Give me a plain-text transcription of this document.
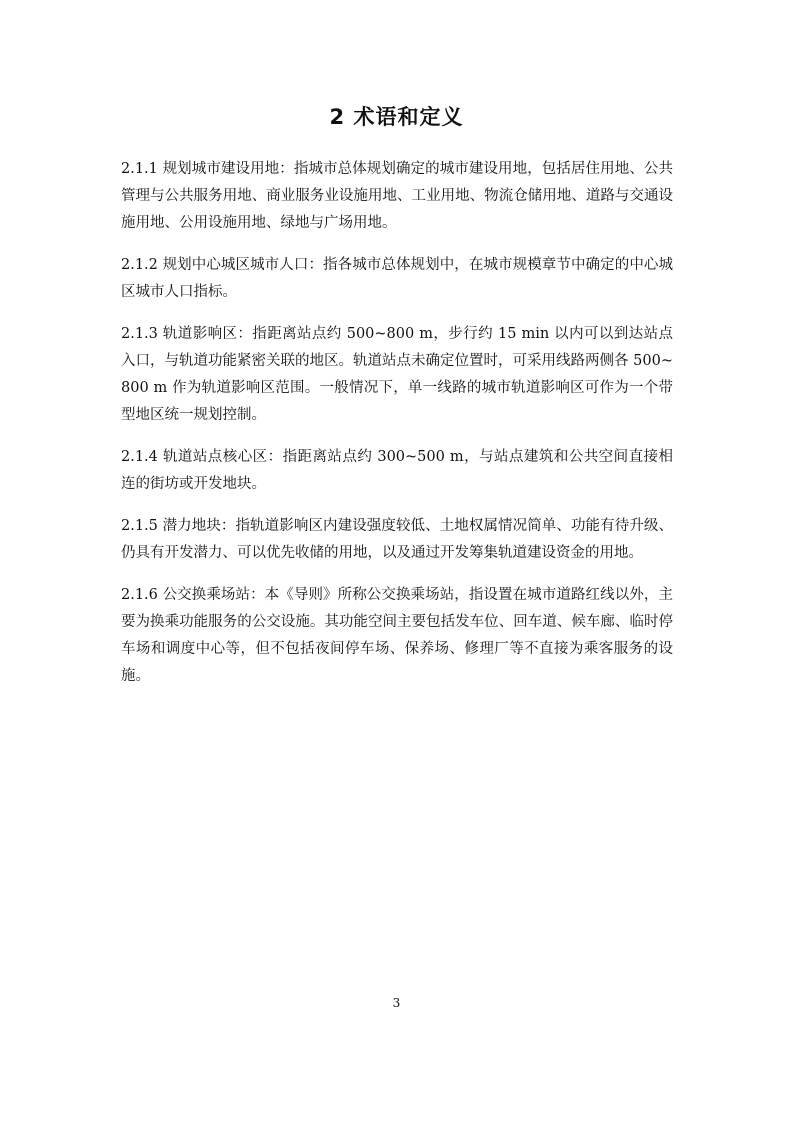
2 术语和定义

2.1.1 规划城市建设用地：指城市总体规划确定的城市建设用地，包括居住用地、公共管理与公共服务用地、商业服务业设施用地、工业用地、物流仓储用地、道路与交通设施用地、公用设施用地、绿地与广场用地。

2.1.2 规划中心城区城市人口：指各城市总体规划中，在城市规模章节中确定的中心城区城市人口指标。

2.1.3 轨道影响区：指距离站点约 500~800 m，步行约 15 min 以内可以到达站点入口，与轨道功能紧密关联的地区。轨道站点未确定位置时，可采用线路两侧各 500~800 m 作为轨道影响区范围。一般情况下，单一线路的城市轨道影响区可作为一个带型地区统一规划控制。

2.1.4 轨道站点核心区：指距离站点约 300~500 m，与站点建筑和公共空间直接相连的街坊或开发地块。

2.1.5 潜力地块：指轨道影响区内建设强度较低、土地权属情况简单、功能有待升级、仍具有开发潜力、可以优先收储的用地，以及通过开发筹集轨道建设资金的用地。

2.1.6 公交换乘场站：本《导则》所称公交换乘场站，指设置在城市道路红线以外，主要为换乘功能服务的公交设施。其功能空间主要包括发车位、回车道、候车廊、临时停车场和调度中心等，但不包括夜间停车场、保养场、修理厂等不直接为乘客服务的设施。

3
